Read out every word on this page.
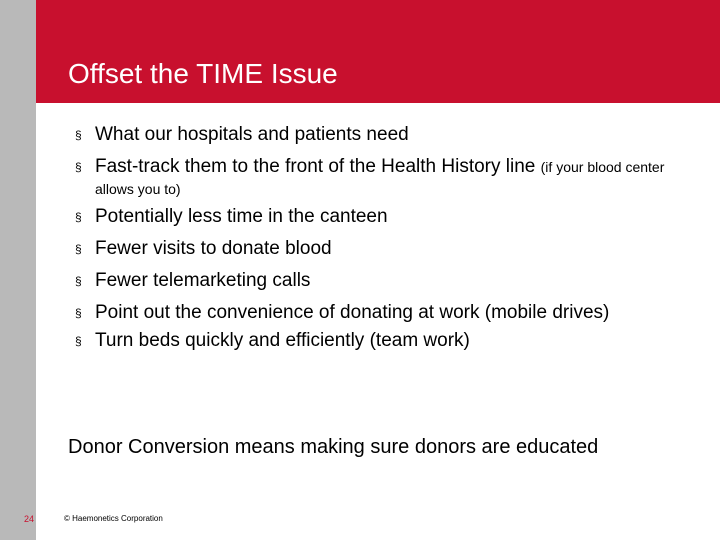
Offset the TIME Issue
§ What our hospitals and patients need
§ Fast-track them to the front of the Health History line (if your blood center allows you to)
§ Potentially less time in the canteen
§ Fewer visits to donate blood
§ Fewer telemarketing calls
§ Point out the convenience of donating at work (mobile drives)
§ Turn beds quickly and efficiently (team work)
Donor Conversion means making sure donors are educated
24	© Haemonetics Corporation
